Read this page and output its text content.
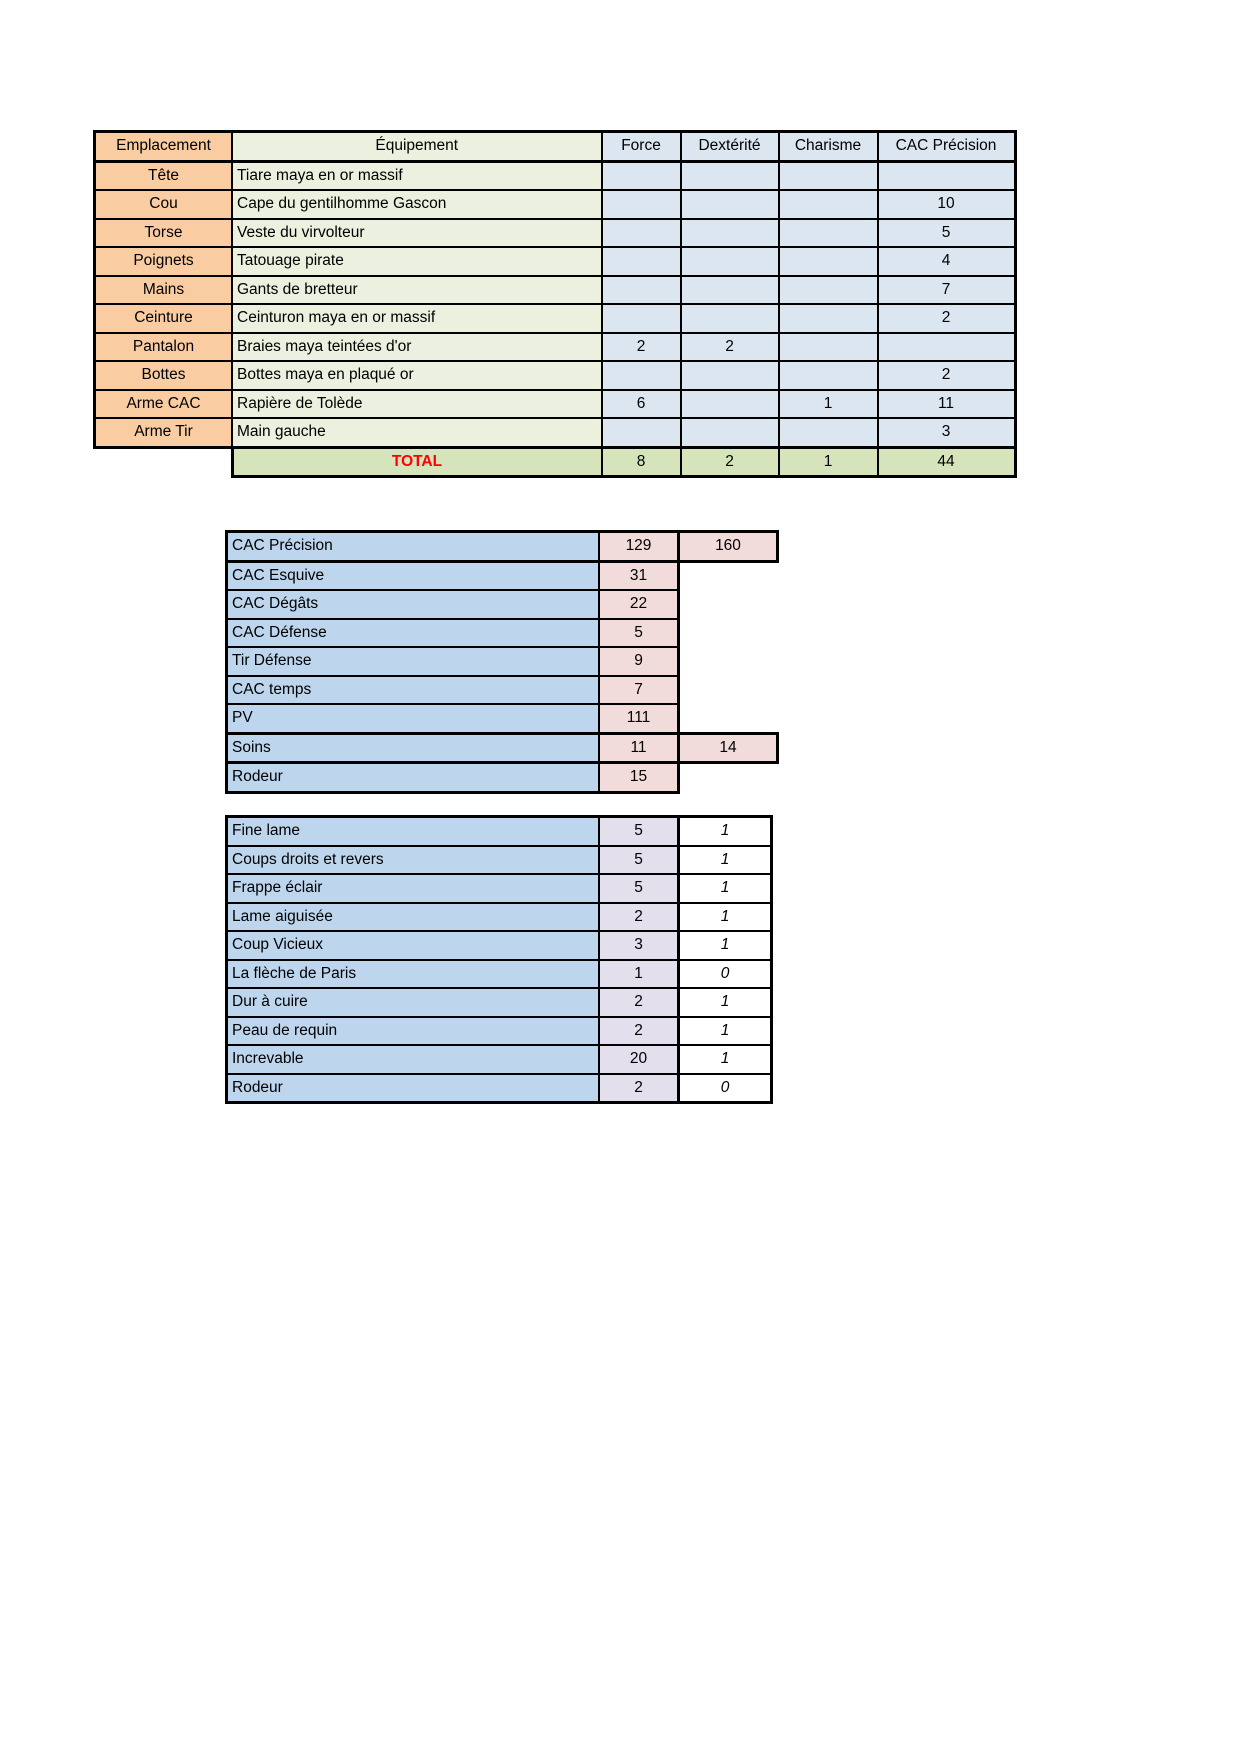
Emplacement	Équipement	Force	Dextérité	Charisme	CAC Précision
Tête	Tiare maya en or massif				
Cou	Cape du gentilhomme Gascon				10
Torse	Veste du virvolteur				5
Poignets	Tatouage pirate				4
Mains	Gants de bretteur				7
Ceinture	Ceinturon maya en or massif				2
Pantalon	Braies maya teintées d'or	2	2		
Bottes	Bottes maya en plaqué or				2
Arme CAC	Rapière de Tolède	6		1	11
Arme Tir	Main gauche				3
	TOTAL	8	2	1	44
CAC Précision	129	160
CAC Esquive	31	
CAC Dégâts	22	
CAC Défense	5	
Tir Défense	9	
CAC temps	7	
PV	111	
Soins	11	14
Rodeur	15	
Fine lame	5	1
Coups droits et revers	5	1
Frappe éclair	5	1
Lame aiguisée	2	1
Coup Vicieux	3	1
La flèche de Paris	1	0
Dur à cuire	2	1
Peau de requin	2	1
Increvable	20	1
Rodeur	2	0
